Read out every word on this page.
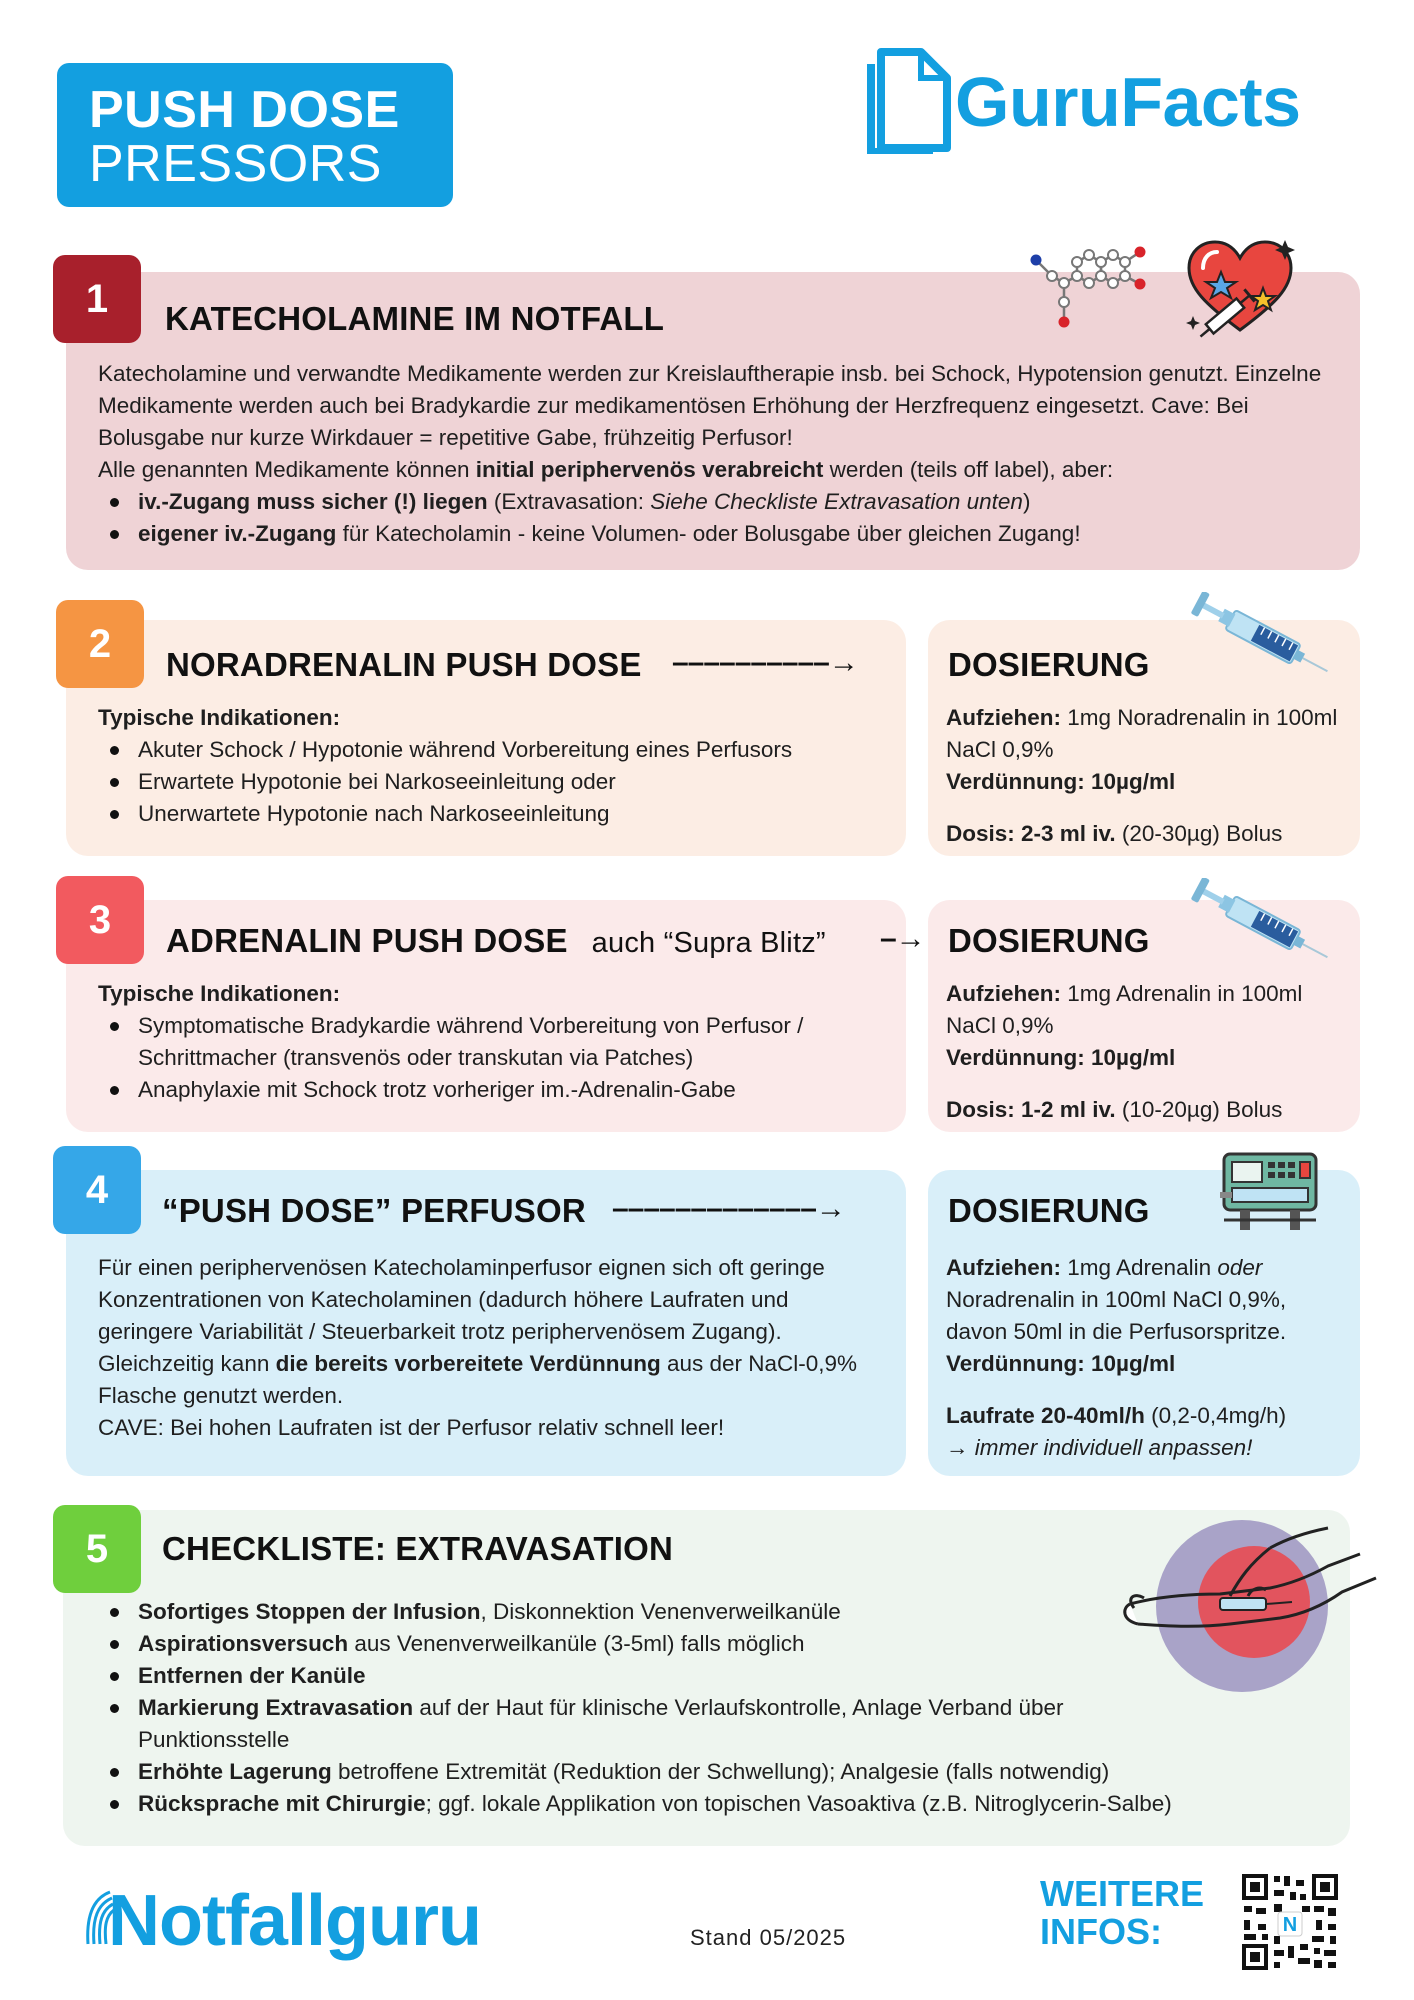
PUSH DOSE
PRESSORS
GuruFacts
1	KATECHOLAMINE IM NOTFALL
Katecholamine und verwandte Medikamente werden zur Kreislauftherapie insb. bei Schock, Hypotension genutzt. Einzelne Medikamente werden auch bei Bradykardie zur medikamentösen Erhöhung der Herzfrequenz eingesetzt. Cave: Bei Bolusgabe nur kurze Wirkdauer = repetitive Gabe, frühzeitig Perfusor!
Alle genannten Medikamente können initial periphervenös verabreicht werden (teils off label), aber:
iv.-Zugang muss sicher (!) liegen (Extravasation: Siehe Checkliste Extravasation unten)
eigener iv.-Zugang für Katecholamin - keine Volumen- oder Bolusgabe über gleichen Zugang!
2	NORADRENALIN PUSH DOSE ––––––––––→	DOSIERUNG
Typische Indikationen:
Akuter Schock / Hypotonie während Vorbereitung eines Perfusors
Erwartete Hypotonie bei Narkoseeinleitung oder
Unerwartete Hypotonie nach Narkoseeinleitung
Aufziehen: 1mg Noradrenalin in 100ml NaCl 0,9%
Verdünnung: 10µg/ml
Dosis: 2-3 ml iv. (20-30µg) Bolus
3	ADRENALIN PUSH DOSE auch “Supra Blitz” –→ DOSIERUNG
Typische Indikationen:
Symptomatische Bradykardie während Vorbereitung von Perfusor / Schrittmacher (transvenös oder transkutan via Patches)
Anaphylaxie mit Schock trotz vorheriger im.-Adrenalin-Gabe
Aufziehen: 1mg Adrenalin in 100ml NaCl 0,9%
Verdünnung: 10µg/ml
Dosis: 1-2 ml iv. (10-20µg) Bolus
4	“PUSH DOSE” PERFUSOR –––––––––––––→	DOSIERUNG
Für einen periphervenösen Katecholaminperfusor eignen sich oft geringe Konzentrationen von Katecholaminen (dadurch höhere Laufraten und geringere Variabilität / Steuerbarkeit trotz periphervenösem Zugang). Gleichzeitig kann die bereits vorbereitete Verdünnung aus der NaCl-0,9% Flasche genutzt werden.
CAVE: Bei hohen Laufraten ist der Perfusor relativ schnell leer!
Aufziehen: 1mg Adrenalin oder Noradrenalin in 100ml NaCl 0,9%, davon 50ml in die Perfusorspritze.
Verdünnung: 10µg/ml
Laufrate 20-40ml/h (0,2-0,4mg/h)
→ immer individuell anpassen!
5	CHECKLISTE: EXTRAVASATION
Sofortiges Stoppen der Infusion, Diskonnektion Venenverweilkanüle
Aspirationsversuch aus Venenverweilkanüle (3-5ml) falls möglich
Entfernen der Kanüle
Markierung Extravasation auf der Haut für klinische Verlaufskontrolle, Anlage Verband über Punktionsstelle
Erhöhte Lagerung betroffene Extremität (Reduktion der Schwellung); Analgesie (falls notwendig)
Rücksprache mit Chirurgie; ggf. lokale Applikation von topischen Vasoaktiva (z.B. Nitroglycerin-Salbe)
Notfallguru	Stand 05/2025
WEITERE
INFOS:	N
